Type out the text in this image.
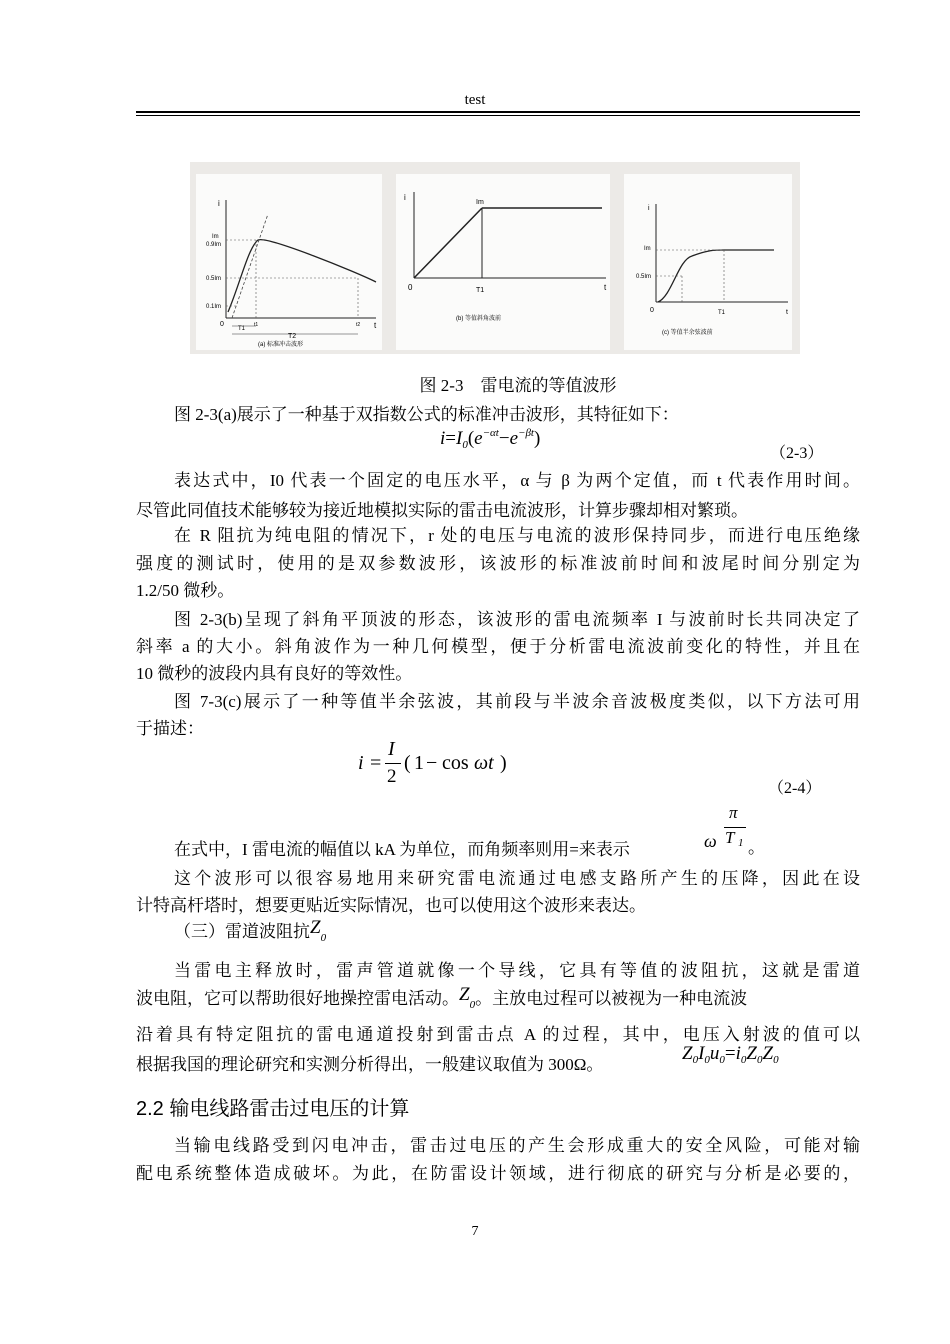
test
i
t
Im
0.9Im
0.5Im
0.1Im
0
T1
T2
t1	t2
(a) 标准冲击波形
i
t
Im
T1
0
(b) 等值斜角波前
i
t
Im
0.5Im
T1
0
(c) 等值半余弦波前
图 2-3　雷电流的等值波形
图 2-3(a)展示了一种基于双指数公式的标准冲击波形，其特征如下：
$i=I_0(e^{-\alpha t}-e^{-\beta t})$
（2-3）
表达式中，I0 代表一个固定的电压水平，α 与 β 为两个定值，而 t 代表作用时间。
尽管此同值技术能够较为接近地模拟实际的雷击电流波形，计算步骤却相对繁琐。
在 R 阻抗为纯电阻的情况下，r 处的电压与电流的波形保持同步，而进行电压绝缘
强度的测试时，使用的是双参数波形，该波形的标准波前时间和波尾时间分别定为
1.2/50 微秒。
图 2-3(b)呈现了斜角平顶波的形态，该波形的雷电流频率 I 与波前时长共同决定了
斜率 a 的大小。斜角波作为一种几何模型，便于分析雷电流波前变化的特性，并且在
10 微秒的波段内具有良好的等效性。
图 7-3(c)展示了一种等值半余弦波，其前段与半波余音波极度类似，以下方法可用
于描述：
i =
I
2
( 1 − cos ωt )
（2-4）
在式中，I 雷电流的幅值以 kA 为单位，而角频率则用=来表示	ω
π
T 1 。
这个波形可以很容易地用来研究雷电流通过电感支路所产生的压降，因此在设
计特高杆塔时，想要更贴近实际情况，也可以使用这个波形来表达。
（三）雷道波阻抗$Z_0$
当雷电主释放时，雷声管道就像一个导线，它具有等值的波阻抗，这就是雷道
波电阻，它可以帮助很好地操控雷电活动。$Z_0$。主放电过程可以被视为一种电流波
沿着具有特定阻抗的雷电通道投射到雷击点 A 的过程，其中，电压入射波的值可以
根据我国的理论研究和实测分析得出，一般建议取值为 300Ω。
$Z_0I_0u_0=i_0Z_0Z_0$
2.2 输电线路雷击过电压的计算
当输电线路受到闪电冲击，雷击过电压的产生会形成重大的安全风险，可能对输
配电系统整体造成破坏。为此，在防雷设计领域，进行彻底的研究与分析是必要的，
7
